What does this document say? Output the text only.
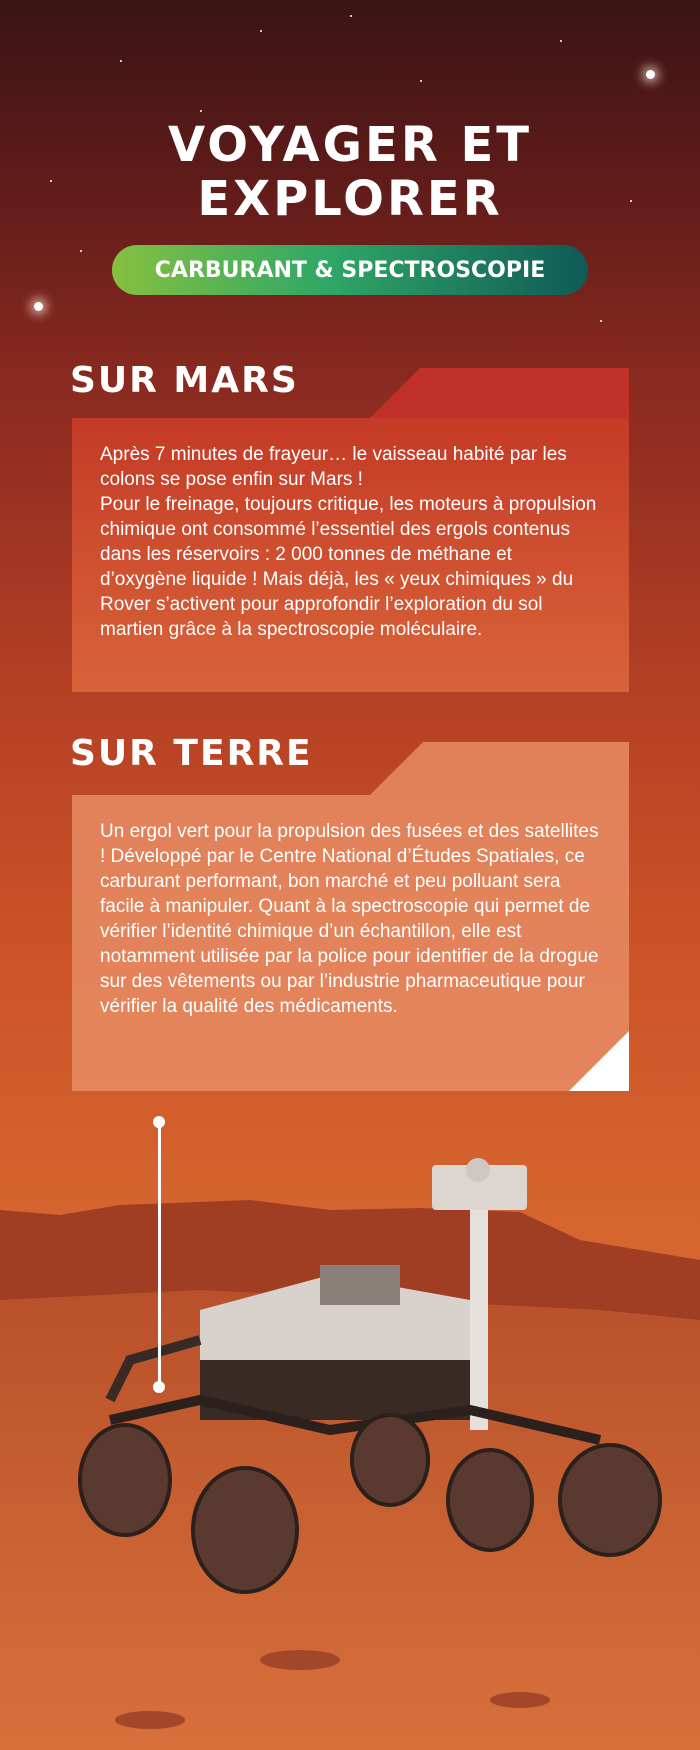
VOYAGER ET
EXPLORER
CARBURANT & SPECTROSCOPIE
SUR MARS

Après 7 minutes de frayeur… le vaisseau habité par les colons se pose enfin sur Mars !

Pour le freinage, toujours critique, les moteurs à propulsion chimique ont consommé l’essentiel des ergols contenus dans les réservoirs : 2 000 tonnes de méthane et d’oxygène liquide ! Mais déjà, les « yeux chimiques » du Rover s’activent pour approfondir l’exploration du sol martien grâce à la spectroscopie moléculaire.

SUR TERRE

Un ergol vert pour la propulsion des fusées et des satellites ! Développé par le Centre National d’Études Spatiales, ce carburant performant, bon marché et peu polluant sera facile à manipuler. Quant à la spectroscopie qui permet de vérifier l’identité chimique d’un échantillon, elle est notamment utilisée par la police pour identifier de la drogue sur des vêtements ou par l’industrie pharmaceutique pour vérifier la qualité des médicaments.
